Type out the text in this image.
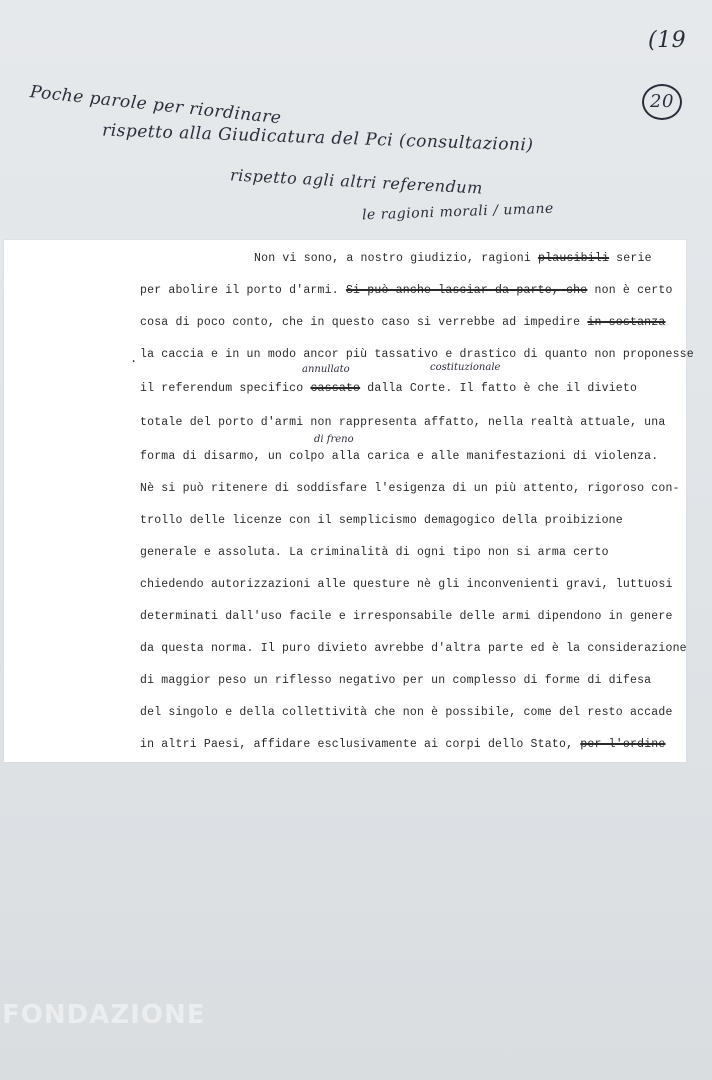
(19
20
Poche parole per riordinare
rispetto alla Giudicatura del Pci (consultazioni)
rispetto agli altri referendum
le ragioni morali / umane
Non vi sono, a nostro giudizio, ragioni plausibili serie
per abolire il porto d'armi. Si può anche lasciar da parte, che non è certo
cosa di poco conto, che in questo caso si verrebbe ad impedire in sostanza
. la caccia e in un modo ancor più tassativo e drastico di quanto non proponesse
annullato	costituzionale
il referendum specifico cassato dalla Corte. Il fatto è che il divieto
totale del porto d'armi non rappresenta affatto, nella realtà attuale, una
di freno
forma di disarmo, un colpo alla carica e alle manifestazioni di violenza.
Nè si può ritenere di soddisfare l'esigenza di un più attento, rigoroso con-
trollo delle licenze con il semplicismo demagogico della proibizione
generale e assoluta. La criminalità di ogni tipo non si arma certo
chiedendo autorizzazioni alle questure nè gli inconvenienti gravi, luttuosi
determinati dall'uso facile e irresponsabile delle armi dipendono in genere
da questa norma. Il puro divieto avrebbe d'altra parte ed è la considerazione
di maggior peso un riflesso negativo per un complesso di forme di difesa
del singolo e della collettività che non è possibile, come del resto accade
in altri Paesi, affidare esclusivamente ai corpi dello Stato, per l'ordine
FONDAZIONE
